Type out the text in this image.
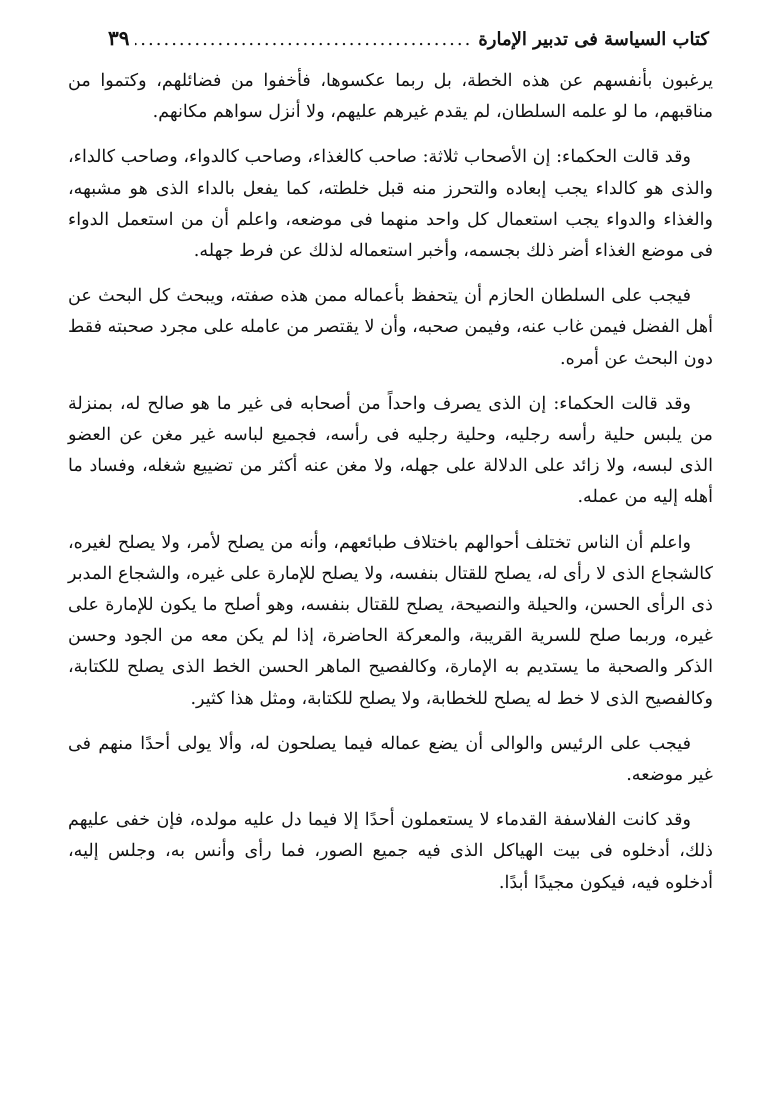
كتاب السياسة فى تدبير الإمارة
.....
٣٩

يرغبون بأنفسهم عن هذه الخطة، بل ربما عكسوها، فأخفوا من فضائلهم، وكتموا من مناقبهم، ما لو علمه السلطان، لم يقدم غيرهم عليهم، ولا أنزل سواهم مكانهم.

وقد قالت الحكماء: إن الأصحاب ثلاثة: صاحب كالغذاء، وصاحب كالدواء، وصاحب كالداء، والذى هو كالداء يجب إبعاده والتحرز منه قبل خلطته، كما يفعل بالداء الذى هو مشبهه، والغذاء والدواء يجب استعمال كل واحد منهما فى موضعه، واعلم أن من استعمل الدواء فى موضع الغذاء أضر ذلك بجسمه، وأخبر استعماله لذلك عن فرط جهله.

فيجب على السلطان الحازم أن يتحفظ بأعماله ممن هذه صفته، ويبحث كل البحث عن أهل الفضل فيمن غاب عنه، وفيمن صحبه، وأن لا يقتصر من عامله على مجرد صحبته فقط دون البحث عن أمره.

وقد قالت الحكماء: إن الذى يصرف واحداً من أصحابه فى غير ما هو صالح له، بمنزلة من يلبس حلية رأسه رجليه، وحلية رجليه فى رأسه، فجميع لباسه غير مغن عن العضو الذى لبسه، ولا زائد على الدلالة على جهله، ولا مغن عنه أكثر من تضييع شغله، وفساد ما أهله إليه من عمله.

واعلم أن الناس تختلف أحوالهم باختلاف طبائعهم، وأنه من يصلح لأمر، ولا يصلح لغيره، كالشجاع الذى لا رأى له، يصلح للقتال بنفسه، ولا يصلح للإمارة على غيره، والشجاع المدبر ذى الرأى الحسن، والحيلة والنصيحة، يصلح للقتال بنفسه، وهو أصلح ما يكون للإمارة على غيره، وربما صلح للسرية القريبة، والمعركة الحاضرة، إذا لم يكن معه من الجود وحسن الذكر والصحبة ما يستديم به الإمارة، وكالفصيح الماهر الحسن الخط الذى يصلح للكتابة، وكالفصيح الذى لا خط له يصلح للخطابة، ولا يصلح للكتابة، ومثل هذا كثير.

فيجب على الرئيس والوالى أن يضع عماله فيما يصلحون له، وألا يولى أحدًا منهم فى غير موضعه.

وقد كانت الفلاسفة القدماء لا يستعملون أحدًا إلا فيما دل عليه مولده، فإن خفى عليهم ذلك، أدخلوه فى بيت الهياكل الذى فيه جميع الصور، فما رأى وأنس به، وجلس إليه، أدخلوه فيه، فيكون مجيدًا أبدًا.
